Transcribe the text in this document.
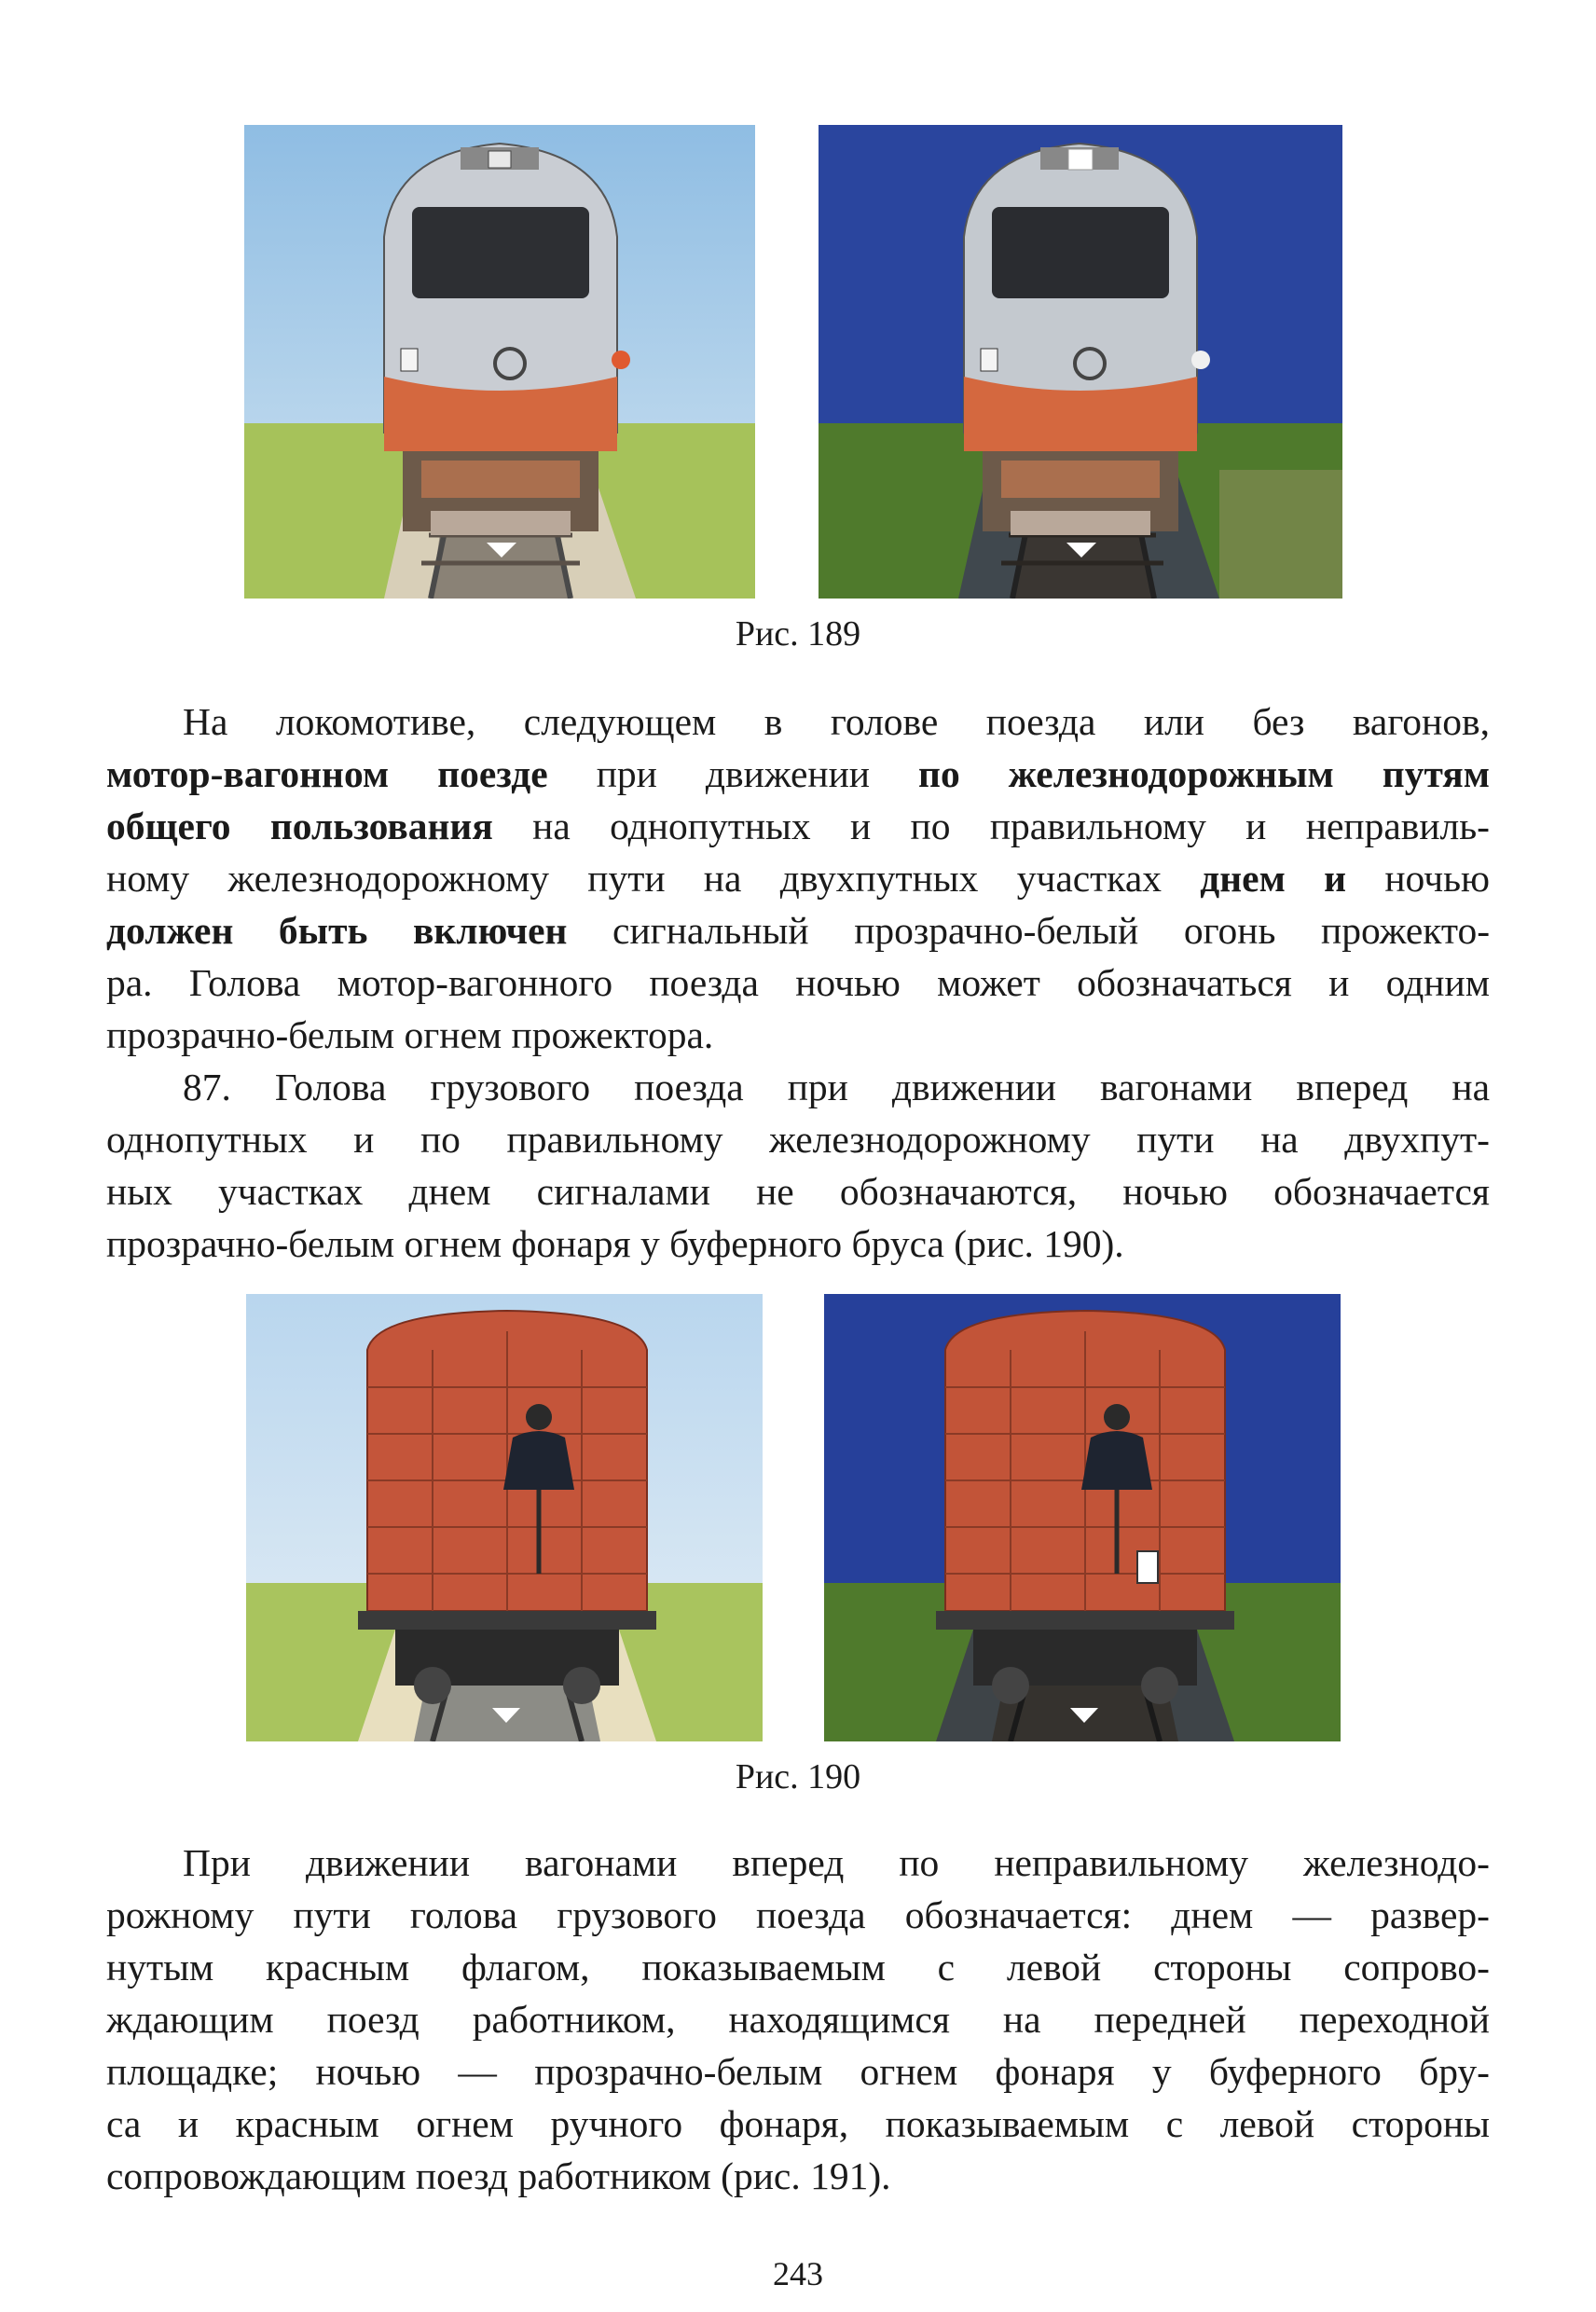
Рис. 189
На локомотиве, следующем в голове поезда или без вагонов,
мотор-вагонном поезде при движении по железнодорожным путям
общего пользования на однопутных и по правильному и неправиль-
ному железнодорожному пути на двухпутных участках днем и ночью
должен быть включен сигнальный прозрачно-белый огонь прожекто-
ра. Голова мотор-вагонного поезда ночью может обозначаться и одним
прозрачно-белым огнем прожектора.
87. Голова грузового поезда при движении вагонами вперед на
однопутных и по правильному железнодорожному пути на двухпут-
ных участках днем сигналами не обозначаются, ночью обозначается
прозрачно-белым огнем фонаря у буферного бруса (рис. 190).
Рис. 190
При движении вагонами вперед по неправильному железнодо-
рожному пути голова грузового поезда обозначается: днем — развер-
нутым красным флагом, показываемым с левой стороны сопрово-
ждающим поезд работником, находящимся на передней переходной
площадке; ночью — прозрачно-белым огнем фонаря у буферного бру-
са и красным огнем ручного фонаря, показываемым с левой стороны
сопровождающим поезд работником (рис. 191).
243
